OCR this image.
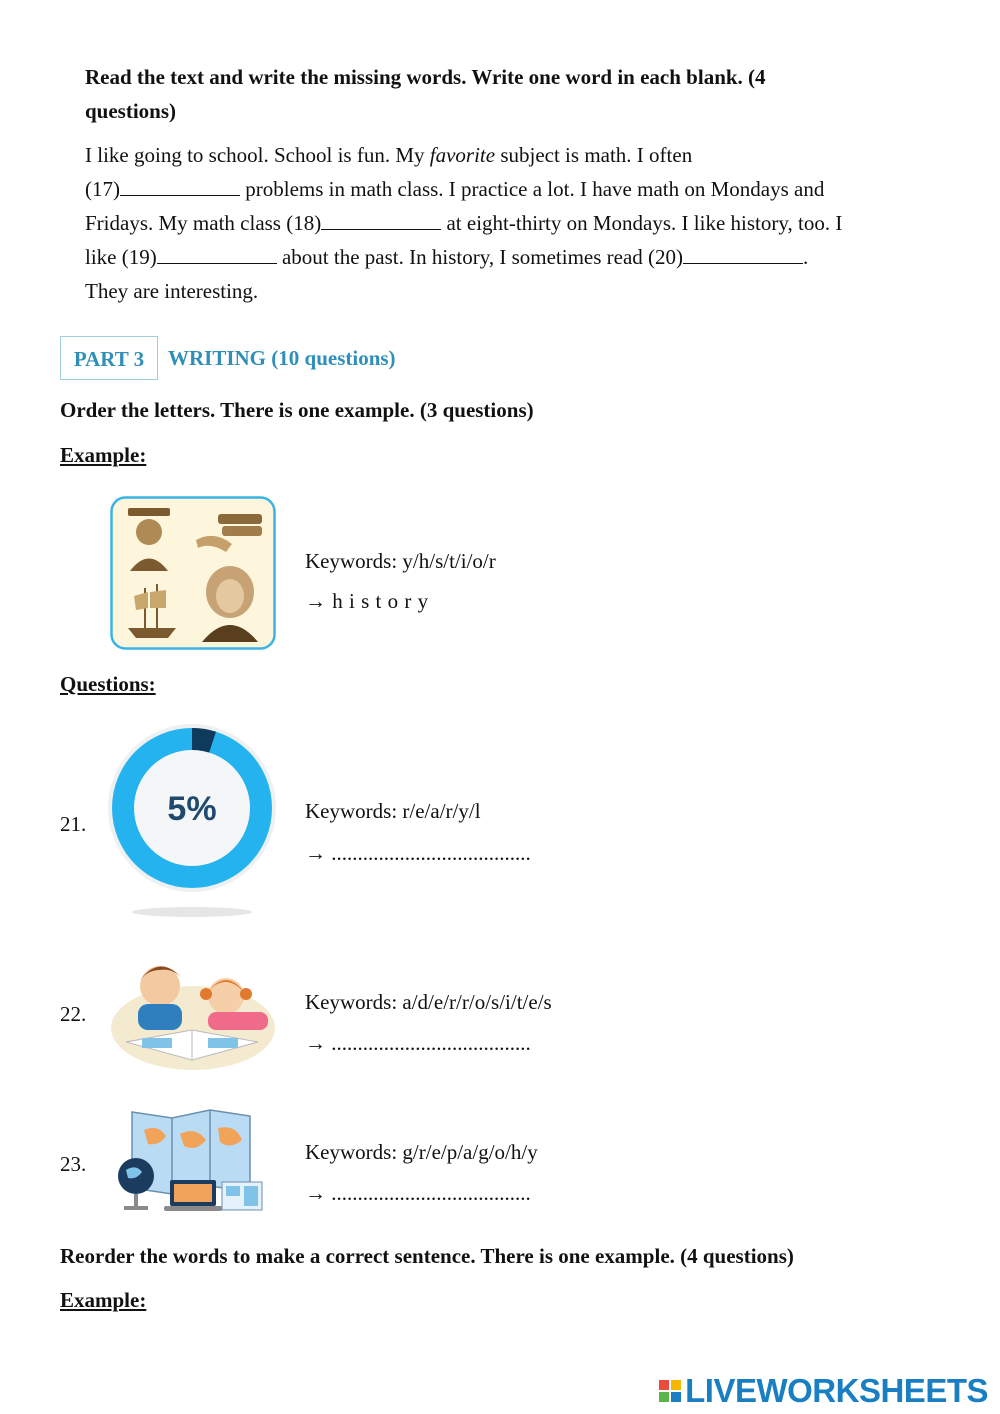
Read the text and write the missing words. Write one word in each blank. (4
questions)
I like going to school. School is fun. My favorite subject is math. I often
(17)	problems in math class. I practice a lot. I have math on Mondays and
Fridays. My math class (18)	at eight-thirty on Mondays. I like history, too. I
like (19)	about the past. In history, I sometimes read (20)	.
They are interesting.
PART 3	WRITING (10 questions)
Order the letters. There is one example. (3 questions)
Example:
Keywords: y/h/s/t/i/o/r
→ h i s t o r y
Questions:
21. 5%	Keywords: r/e/a/r/y/l
→ ......................................
22.	Keywords: a/d/e/r/r/o/s/i/t/e/s
→ ......................................
23.	Keywords: g/r/e/p/a/g/o/h/y
→ ......................................
Reorder the words to make a correct sentence. There is one example. (4 questions)
Example:
LIVEWORKSHEETS
